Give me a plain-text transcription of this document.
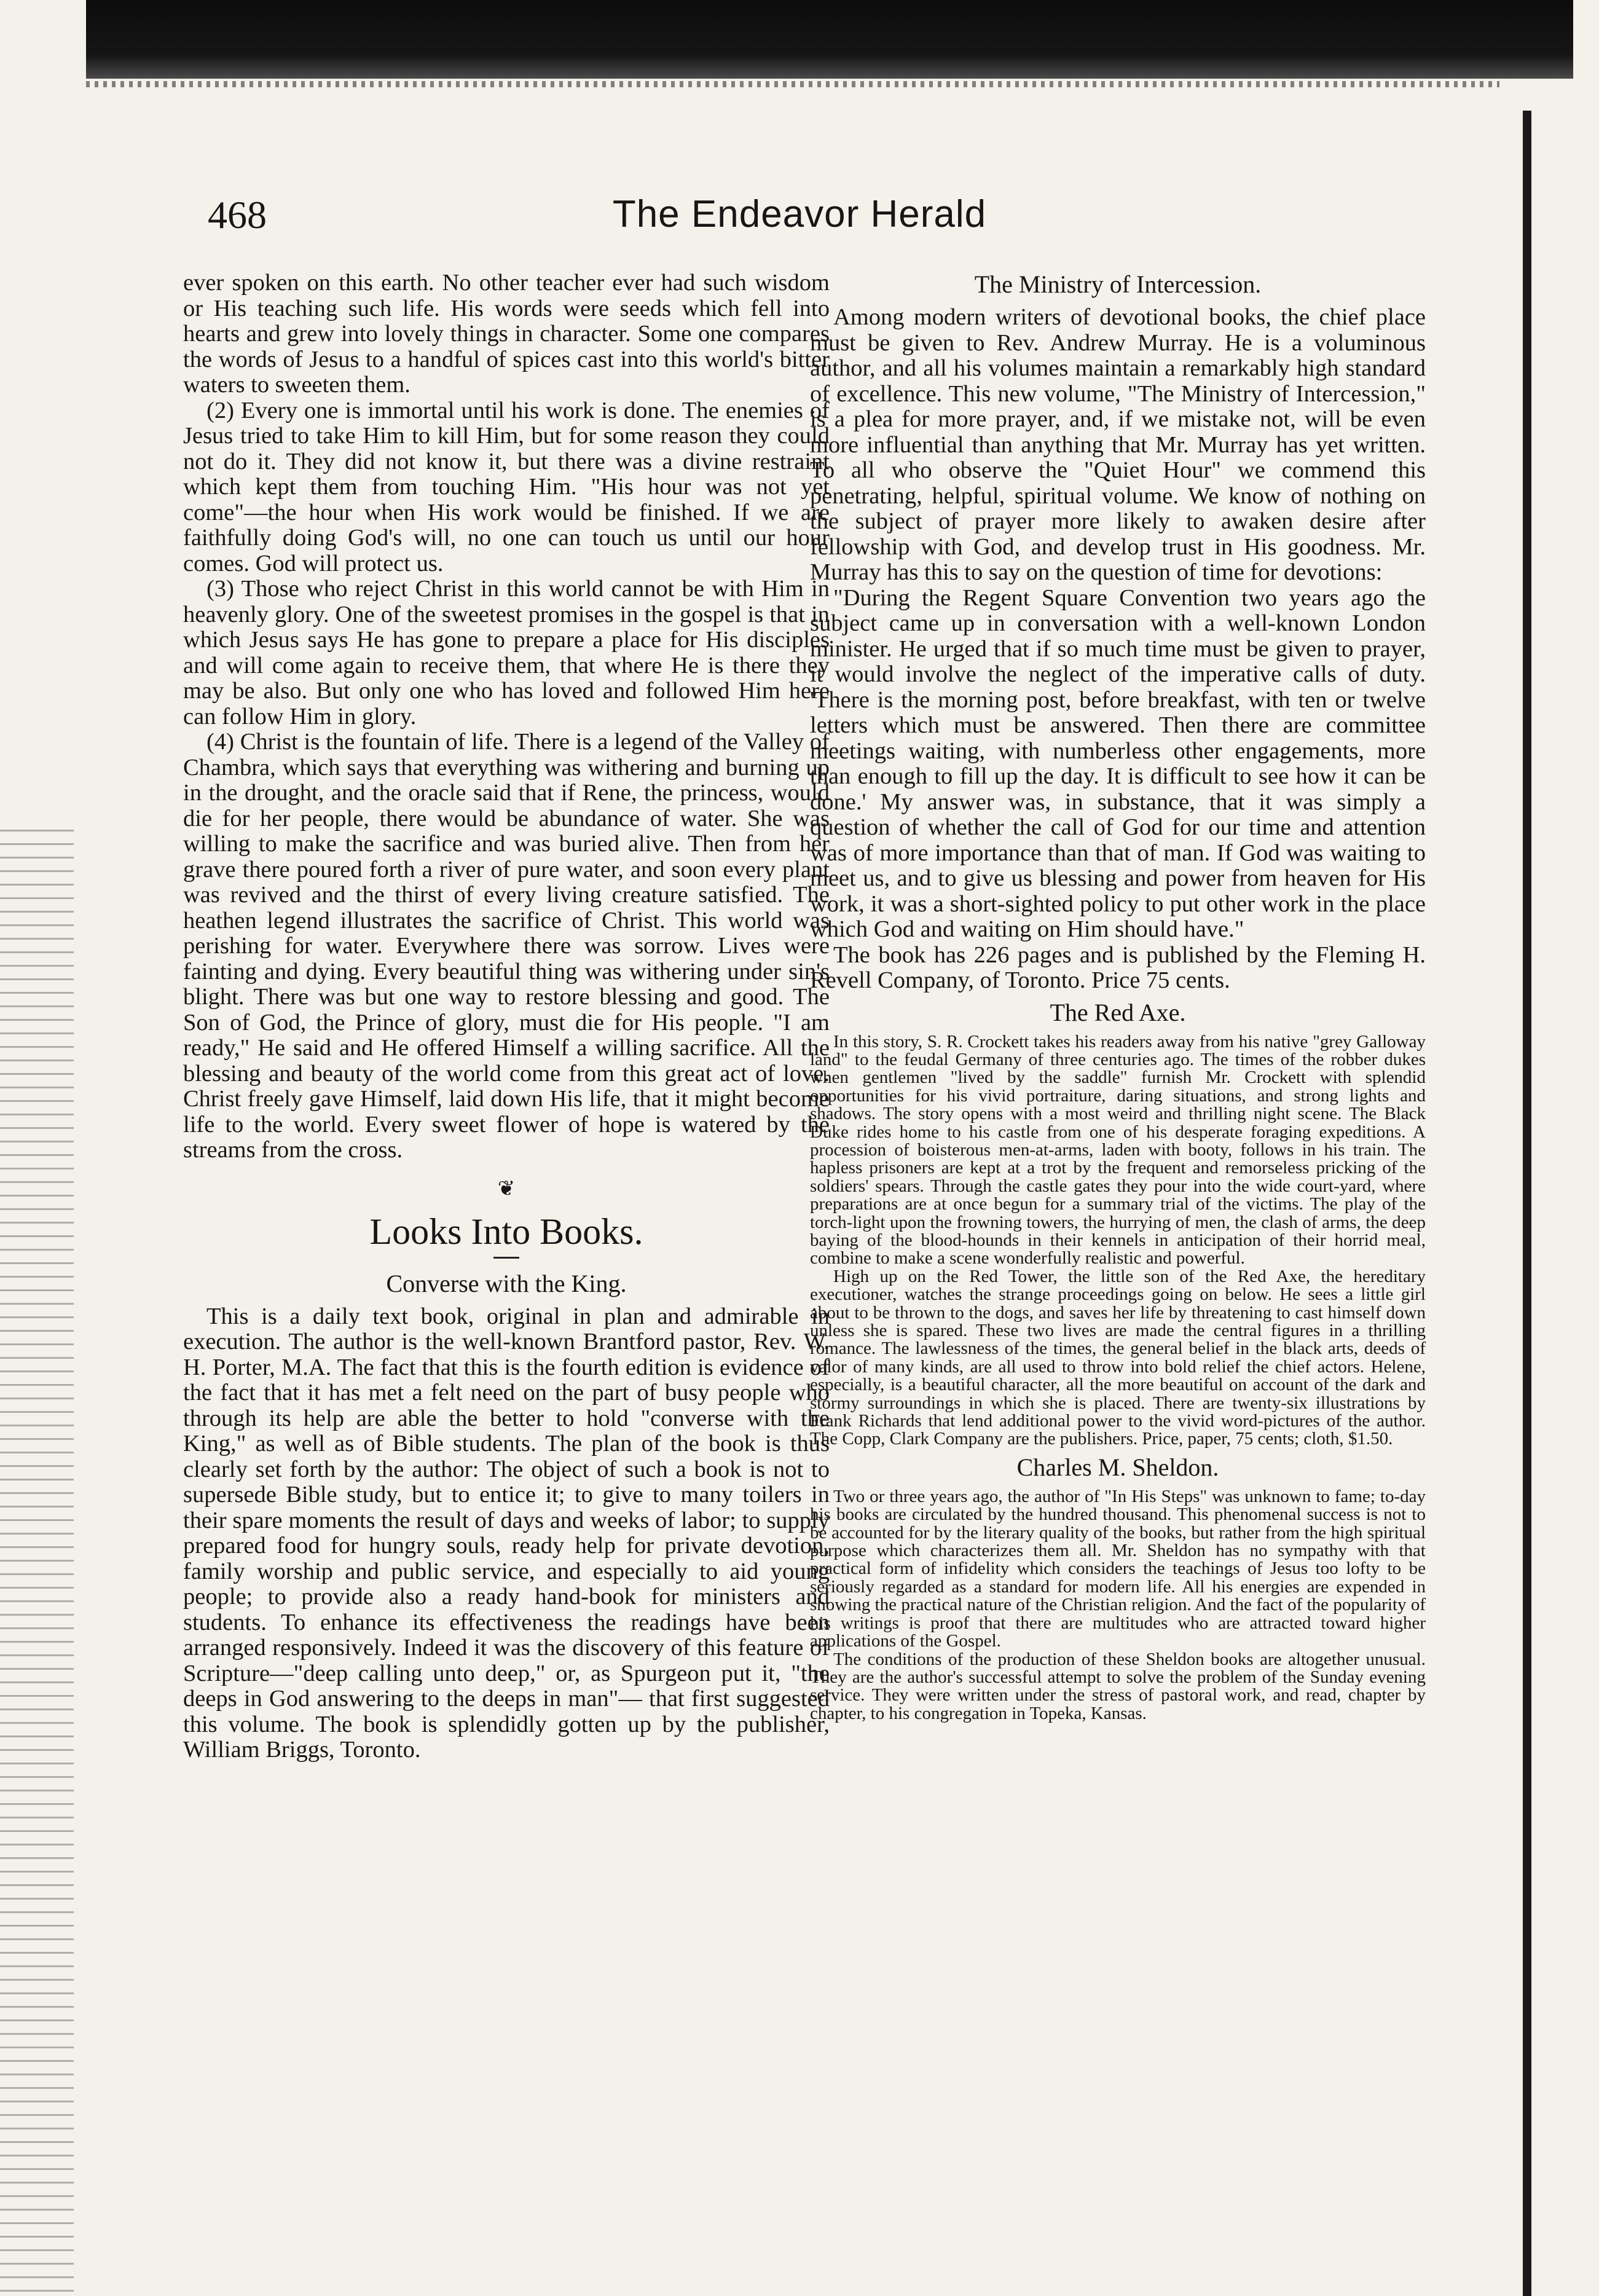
468	The Endeavor Herald

ever spoken on this earth. No other teacher ever had such wisdom or His teaching such life. His words were seeds which fell into hearts and grew into lovely things in character. Some one compares the words of Jesus to a handful of spices cast into this world's bitter waters to sweeten them.

(2) Every one is immortal until his work is done. The enemies of Jesus tried to take Him to kill Him, but for some reason they could not do it. They did not know it, but there was a divine restraint which kept them from touching Him. "His hour was not yet come"—the hour when His work would be finished. If we are faithfully doing God's will, no one can touch us until our hour comes. God will protect us.

(3) Those who reject Christ in this world cannot be with Him in heavenly glory. One of the sweetest promises in the gospel is that in which Jesus says He has gone to prepare a place for His disciples and will come again to receive them, that where He is there they may be also. But only one who has loved and followed Him here can follow Him in glory.

(4) Christ is the fountain of life. There is a legend of the Valley of Chambra, which says that everything was withering and burning up in the drought, and the oracle said that if Rene, the princess, would die for her people, there would be abundance of water. She was willing to make the sacrifice and was buried alive. Then from her grave there poured forth a river of pure water, and soon every plant was revived and the thirst of every living creature satisfied. The heathen legend illustrates the sacrifice of Christ. This world was perishing for water. Everywhere there was sorrow. Lives were fainting and dying. Every beautiful thing was withering under sin's blight. There was but one way to restore blessing and good. The Son of God, the Prince of glory, must die for His people. "I am ready," He said and He offered Himself a willing sacrifice. All the blessing and beauty of the world come from this great act of love. Christ freely gave Himself, laid down His life, that it might become life to the world. Every sweet flower of hope is watered by the streams from the cross.

❦
Looks Into Books.
Converse with the King.

This is a daily text book, original in plan and admirable in execution. The author is the well-known Brantford pastor, Rev. W. H. Porter, M.A. The fact that this is the fourth edition is evidence of the fact that it has met a felt need on the part of busy people who through its help are able the better to hold "converse with the King," as well as of Bible students. The plan of the book is thus clearly set forth by the author: The object of such a book is not to supersede Bible study, but to entice it; to give to many toilers in their spare moments the result of days and weeks of labor; to supply prepared food for hungry souls, ready help for private devotion, family worship and public service, and especially to aid young people; to provide also a ready hand-book for ministers and students. To enhance its effectiveness the readings have been arranged responsively. Indeed it was the discovery of this feature of Scripture—"deep calling unto deep," or, as Spurgeon put it, "the deeps in God answering to the deeps in man"— that first suggested this volume. The book is splendidly gotten up by the publisher, William Briggs, Toronto.

The Ministry of Intercession.

Among modern writers of devotional books, the chief place must be given to Rev. Andrew Murray. He is a voluminous author, and all his volumes maintain a remarkably high standard of excellence. This new volume, "The Ministry of Intercession," is a plea for more prayer, and, if we mistake not, will be even more influential than anything that Mr. Murray has yet written. To all who observe the "Quiet Hour" we commend this penetrating, helpful, spiritual volume. We know of nothing on the subject of prayer more likely to awaken desire after fellowship with God, and develop trust in His goodness. Mr. Murray has this to say on the question of time for devotions:

"During the Regent Square Convention two years ago the subject came up in conversation with a well-known London minister. He urged that if so much time must be given to prayer, it would involve the neglect of the imperative calls of duty. 'There is the morning post, before breakfast, with ten or twelve letters which must be answered. Then there are committee meetings waiting, with numberless other engagements, more than enough to fill up the day. It is difficult to see how it can be done.' My answer was, in substance, that it was simply a question of whether the call of God for our time and attention was of more importance than that of man. If God was waiting to meet us, and to give us blessing and power from heaven for His work, it was a short-sighted policy to put other work in the place which God and waiting on Him should have."

The book has 226 pages and is published by the Fleming H. Revell Company, of Toronto. Price 75 cents.

The Red Axe.

In this story, S. R. Crockett takes his readers away from his native "grey Galloway land" to the feudal Germany of three centuries ago. The times of the robber dukes when gentlemen "lived by the saddle" furnish Mr. Crockett with splendid opportunities for his vivid portraiture, daring situations, and strong lights and shadows. The story opens with a most weird and thrilling night scene. The Black Duke rides home to his castle from one of his desperate foraging expeditions. A procession of boisterous men-at-arms, laden with booty, follows in his train. The hapless prisoners are kept at a trot by the frequent and remorseless pricking of the soldiers' spears. Through the castle gates they pour into the wide court-yard, where preparations are at once begun for a summary trial of the victims. The play of the torch-light upon the frowning towers, the hurrying of men, the clash of arms, the deep baying of the blood-hounds in their kennels in anticipation of their horrid meal, combine to make a scene wonderfully realistic and powerful.

High up on the Red Tower, the little son of the Red Axe, the hereditary executioner, watches the strange proceedings going on below. He sees a little girl about to be thrown to the dogs, and saves her life by threatening to cast himself down unless she is spared. These two lives are made the central figures in a thrilling romance. The lawlessness of the times, the general belief in the black arts, deeds of valor of many kinds, are all used to throw into bold relief the chief actors. Helene, especially, is a beautiful character, all the more beautiful on account of the dark and stormy surroundings in which she is placed. There are twenty-six illustrations by Frank Richards that lend additional power to the vivid word-pictures of the author. The Copp, Clark Company are the publishers. Price, paper, 75 cents; cloth, $1.50.

Charles M. Sheldon.

Two or three years ago, the author of "In His Steps" was unknown to fame; to-day his books are circulated by the hundred thousand. This phenomenal success is not to be accounted for by the literary quality of the books, but rather from the high spiritual purpose which characterizes them all. Mr. Sheldon has no sympathy with that practical form of infidelity which considers the teachings of Jesus too lofty to be seriously regarded as a standard for modern life. All his energies are expended in showing the practical nature of the Christian religion. And the fact of the popularity of his writings is proof that there are multitudes who are attracted toward higher applications of the Gospel.

The conditions of the production of these Sheldon books are altogether unusual. They are the author's successful attempt to solve the problem of the Sunday evening service. They were written under the stress of pastoral work, and read, chapter by chapter, to his congregation in Topeka, Kansas.
